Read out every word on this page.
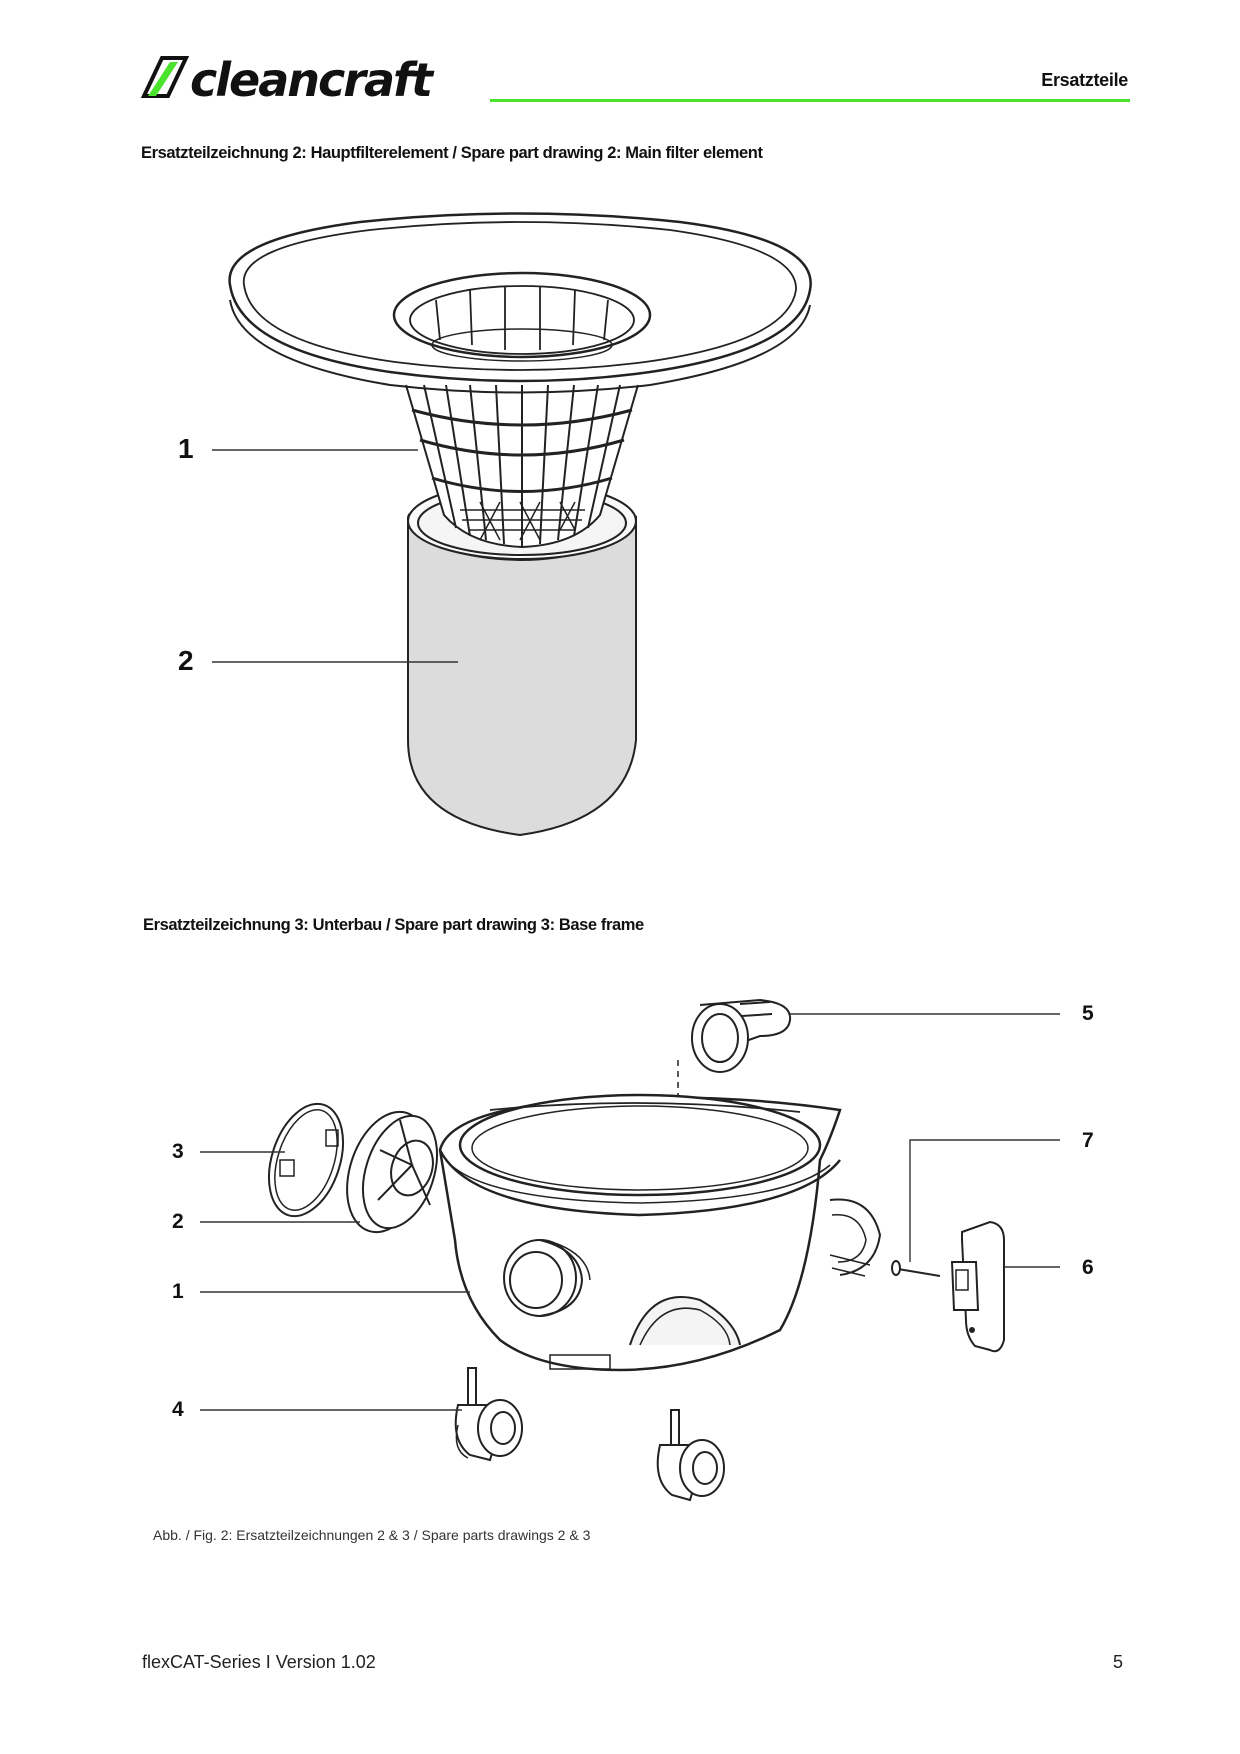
cleancraft	Ersatzteile
Ersatzteilzeichnung 2: Hauptfilterelement / Spare part drawing 2: Main filter element
1
2
Ersatzteilzeichnung 3: Unterbau / Spare part drawing 3: Base frame
5
7
6
3
2
1
4
Abb. / Fig. 2: Ersatzteilzeichnungen 2 & 3 / Spare parts drawings 2 & 3
flexCAT-Series I Version 1.02	5
